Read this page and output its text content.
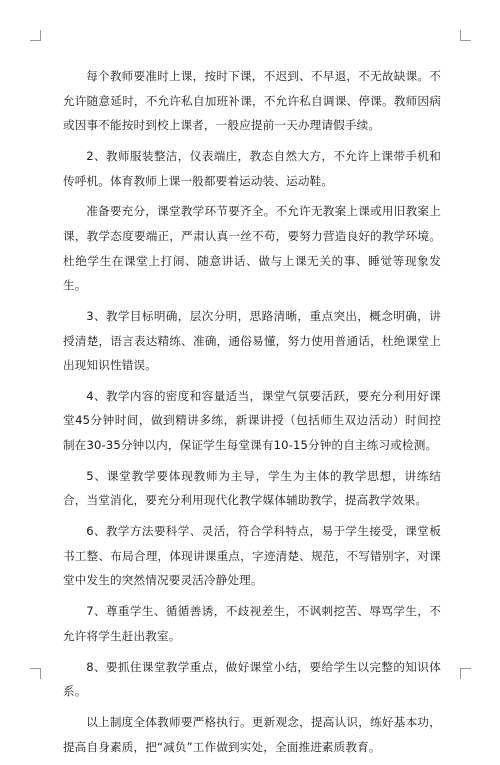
每个教师要准时上课，按时下课，不迟到、不早退，不无故缺课。不允许随意延时，不允许私自加班补课，不允许私自调课、停课。教师因病或因事不能按时到校上课者，一般应提前一天办理请假手续。

2、教师服装整洁，仪表端庄，教态自然大方，不允许上课带手机和传呼机。体育教师上课一般都要着运动装、运动鞋。

准备要充分，课堂教学环节要齐全。不允许无教案上课或用旧教案上课，教学态度要端正，严肃认真一丝不苟，要努力营造良好的教学环境。杜绝学生在课堂上打闹、随意讲话、做与上课无关的事、睡觉等现象发生。

3、教学目标明确，层次分明，思路清晰，重点突出，概念明确，讲授清楚，语言表达精练、准确，通俗易懂，努力使用普通话，杜绝课堂上出现知识性错误。

4、教学内容的密度和容量适当，课堂气氛要活跃，要充分利用好课堂45分钟时间，做到精讲多练，新课讲授（包括师生双边活动）时间控制在30-35分钟以内，保证学生每堂课有10-15分钟的自主练习或检测。

5、课堂教学要体现教师为主导，学生为主体的教学思想，讲练结合，当堂消化，要充分利用现代化教学媒体辅助教学，提高教学效果。

6、教学方法要科学、灵活，符合学科特点，易于学生接受，课堂板书工整、布局合理，体现讲课重点，字迹清楚、规范，不写错别字，对课堂中发生的突然情况要灵活冷静处理。

7、尊重学生、循循善诱，不歧视差生，不讽刺挖苦、辱骂学生，不允许将学生赶出教室。

8、要抓住课堂教学重点，做好课堂小结，要给学生以完整的知识体系。

以上制度全体教师要严格执行。更新观念，提高认识，练好基本功，提高自身素质，把“减负”工作做到实处，全面推进素质教育。
